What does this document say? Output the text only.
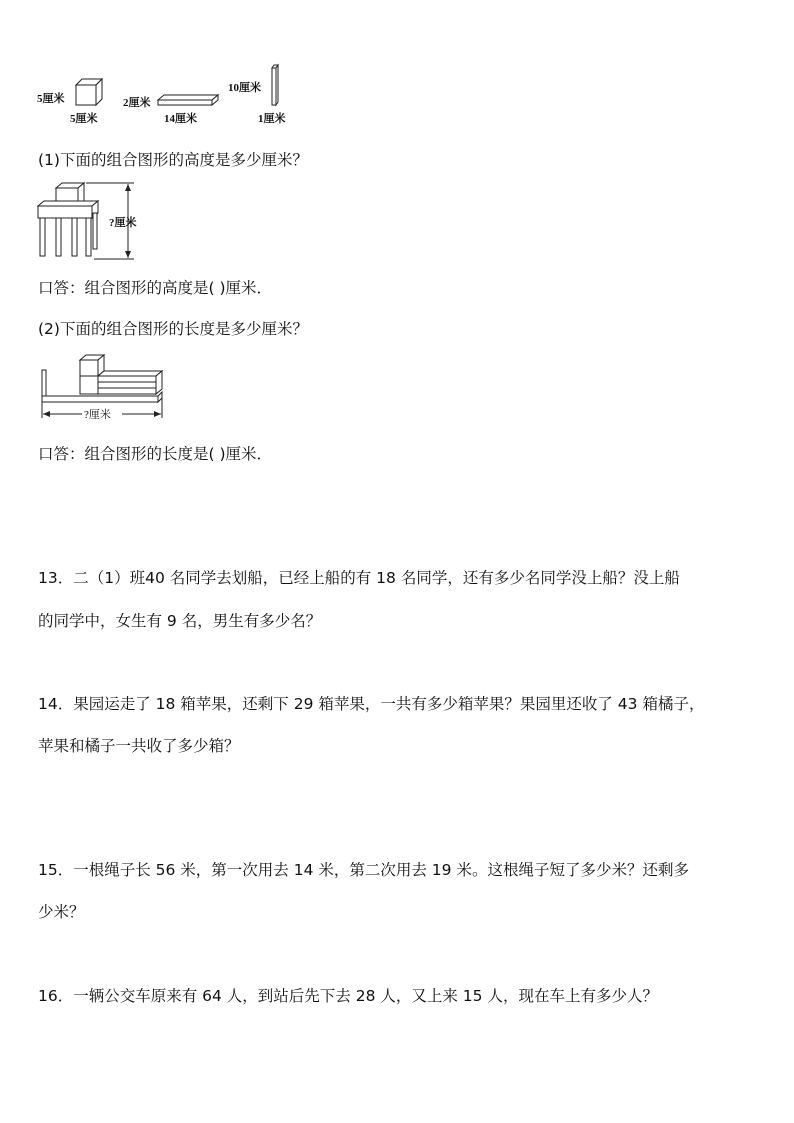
5厘米
5厘米
2厘米
14厘米
10厘米
1厘米
(1)下面的组合图形的高度是多少厘米？
?厘米
口答：组合图形的高度是( )厘米．
(2)下面的组合图形的长度是多少厘米？
?厘米
口答：组合图形的长度是( )厘米．
13．二（1）班40 名同学去划船，已经上船的有 18 名同学，还有多少名同学没上船？没上船
的同学中，女生有 9 名，男生有多少名？
14．果园运走了 18 箱苹果，还剩下 29 箱苹果，一共有多少箱苹果？果园里还收了 43 箱橘子，
苹果和橘子一共收了多少箱？
15．一根绳子长 56 米，第一次用去 14 米，第二次用去 19 米。这根绳子短了多少米？还剩多
少米？
16．一辆公交车原来有 64 人，到站后先下去 28 人，又上来 15 人，现在车上有多少人？
